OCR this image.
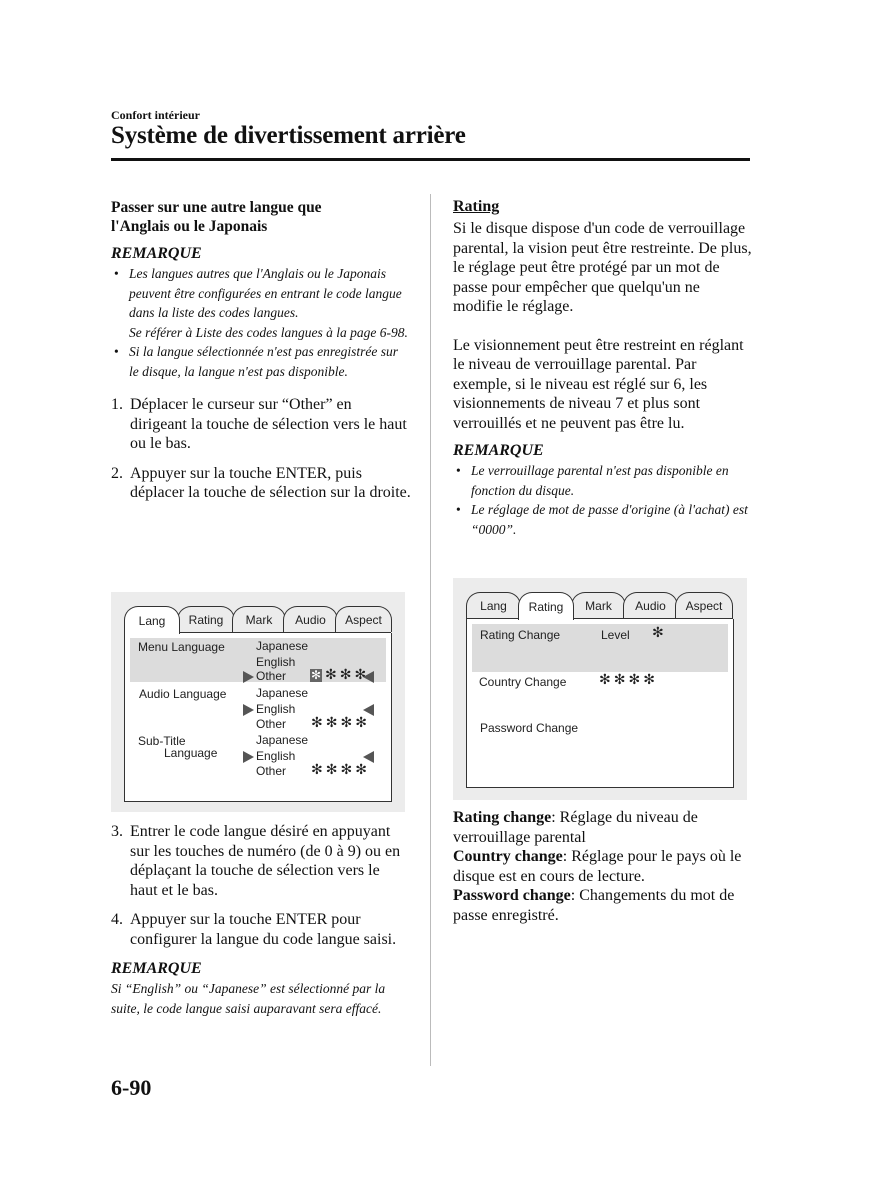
Confort intérieur
Système de divertissement arrière

Passer sur une autre langue que
l'Anglais ou le Japonais

REMARQUE
• Les langues autres que l'Anglais ou le Japonais peuvent être configurées en entrant le code langue dans la liste des codes langues.
Se référer à Liste des codes langues à la page 6-98.
• Si la langue sélectionnée n'est pas enregistrée sur le disque, la langue n'est pas disponible.
1. Déplacer le curseur sur “Other” en dirigeant la touche de sélection vers le haut ou le bas.
2. Appuyer sur la touche ENTER, puis déplacer la touche de sélection sur la droite.
Lang	Rating	Mark	Audio	Aspect
Menu Language	Japanese
English
Other ✻ ✻✻✻
Audio Language Japanese
English
Other ✻✻✻✻
Sub-Title
Language
Japanese
English
Other ✻✻✻✻
3. Entrer le code langue désiré en appuyant sur les touches de numéro (de 0 à 9) ou en déplaçant la touche de sélection vers le haut et le bas.
4. Appuyer sur la touche ENTER pour configurer la langue du code langue saisi.
REMARQUE
Si “English” ou “Japanese” est sélectionné par la suite, le code langue saisi auparavant sera effacé.
Rating

Si le disque dispose d'un code de verrouillage parental, la vision peut être restreinte. De plus, le réglage peut être protégé par un mot de passe pour empêcher que quelqu'un ne modifie le réglage.

Le visionnement peut être restreint en réglant le niveau de verrouillage parental. Par exemple, si le niveau est réglé sur 6, les visionnements de niveau 7 et plus sont verrouillés et ne peuvent pas être lu.

REMARQUE
• Le verrouillage parental n'est pas disponible en fonction du disque.
• Le réglage de mot de passe d'origine (à l'achat) est “0000”.
Lang	Rating	Mark	Audio	Aspect
Rating Change	Level ✻
Country Change ✻✻✻✻
Password Change

Rating change: Réglage du niveau de verrouillage parental

Country change: Réglage pour le pays où le disque est en cours de lecture.

Password change: Changements du mot de passe enregistré.

6-90
